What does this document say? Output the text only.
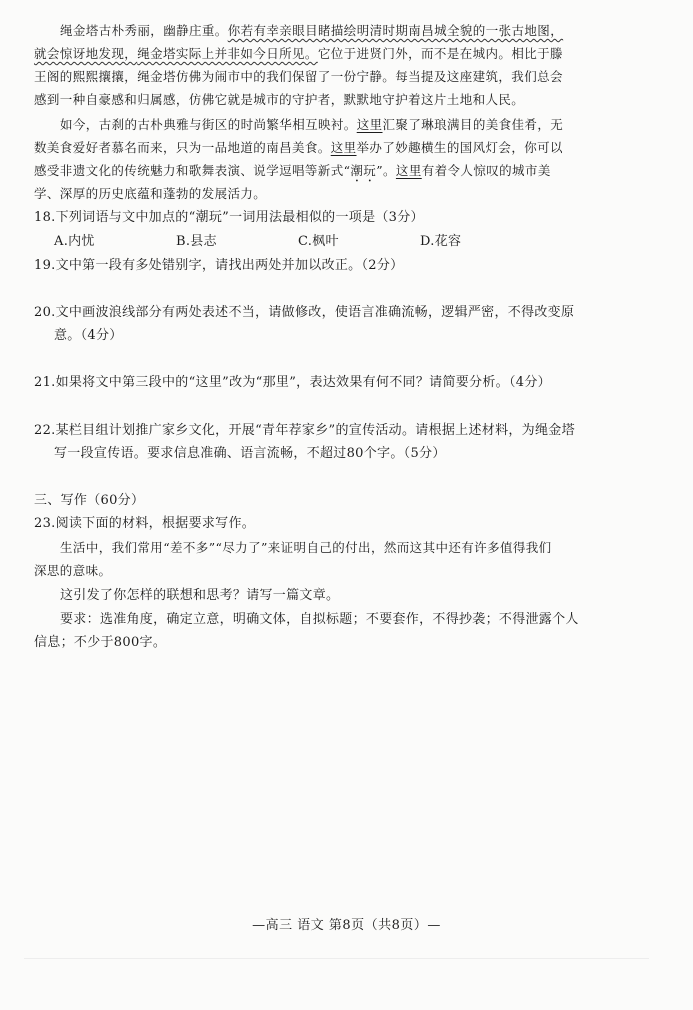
绳金塔古朴秀丽，幽静庄重。你若有幸亲眼目睹描绘明清时期南昌城全貌的一张古地图，
就会惊讶地发现，绳金塔实际上并非如今日所见。它位于进贤门外，而不是在城内。相比于滕
王阁的熙熙攘攘，绳金塔仿佛为闹市中的我们保留了一份宁静。每当提及这座建筑，我们总会
感到一种自豪感和归属感，仿佛它就是城市的守护者，默默地守护着这片土地和人民。
如今，古刹的古朴典雅与街区的时尚繁华相互映衬。这里汇聚了琳琅满目的美食佳肴，无
数美食爱好者慕名而来，只为一品地道的南昌美食。这里举办了妙趣横生的国风灯会，你可以
感受非遗文化的传统魅力和歌舞表演、说学逗唱等新式“潮玩”。这里有着令人惊叹的城市美
学、深厚的历史底蕴和蓬勃的发展活力。
18.下列词语与文中加点的“潮玩”一词用法最相似的一项是（3分）
A.内忧	B.县志	C.枫叶	D.花容
19.文中第一段有多处错别字，请找出两处并加以改正。（2分）
20.文中画波浪线部分有两处表述不当，请做修改，使语言准确流畅，逻辑严密，不得改变原
意。（4分）
21.如果将文中第三段中的“这里”改为“那里”，表达效果有何不同？请简要分析。（4分）
22.某栏目组计划推广家乡文化，开展“青年荐家乡”的宣传活动。请根据上述材料，为绳金塔
写一段宣传语。要求信息准确、语言流畅，不超过80个字。（5分）
三、写作（60分）
23.阅读下面的材料，根据要求写作。
生活中，我们常用“差不多”“尽力了”来证明自己的付出，然而这其中还有许多值得我们
深思的意味。
这引发了你怎样的联想和思考？请写一篇文章。
要求：选准角度，确定立意，明确文体，自拟标题；不要套作，不得抄袭；不得泄露个人
信息；不少于800字。
—高三 语文 第8页（共8页）—
